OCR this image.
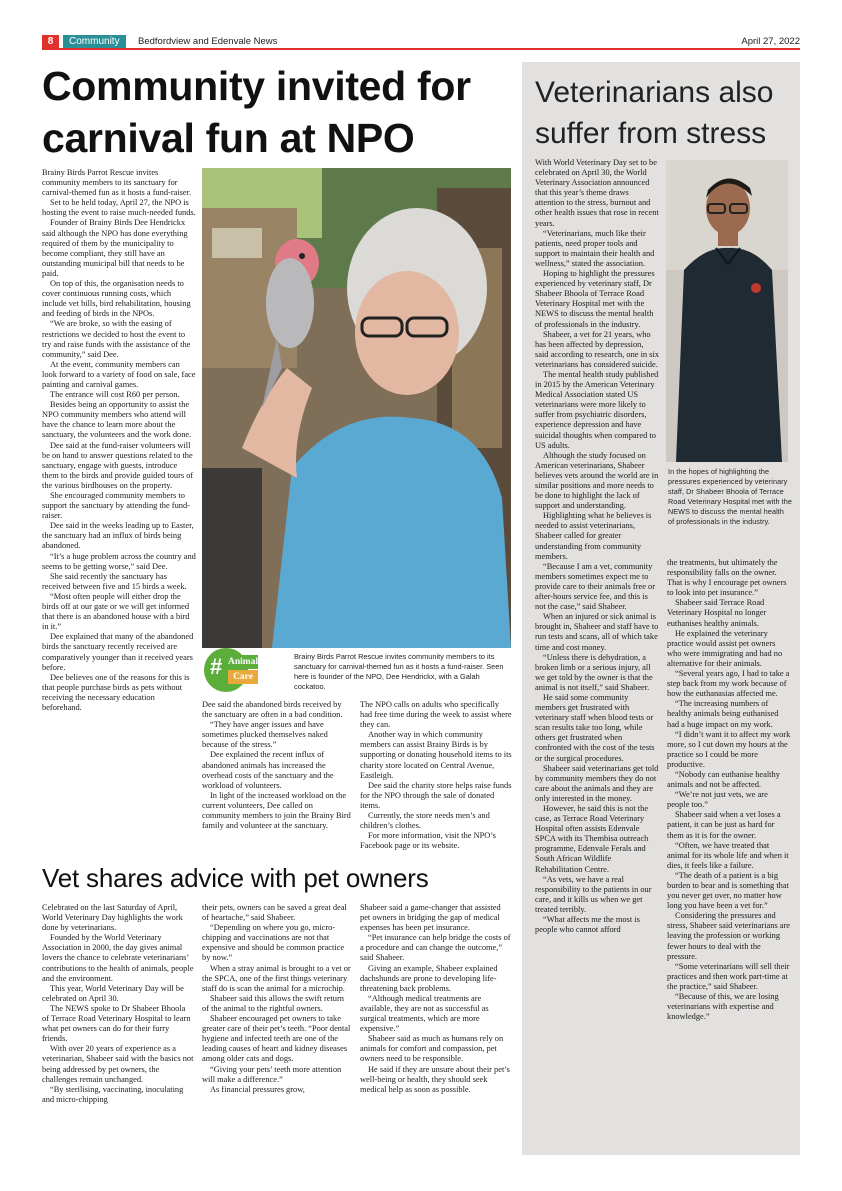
8	Community	Bedfordview and Edenvale News	April 27, 2022
Community invited for carnival fun at NPO

Brainy Birds Parrot Rescue invites community members to its sanctuary for carnival-themed fun as it hosts a fund-raiser.

Set to be held today, April 27, the NPO is hosting the event to raise much-needed funds.

Founder of Brainy Birds Dee Hendrickx said although the NPO has done everything required of them by the municipality to become compliant, they still have an outstanding municipal bill that needs to be paid.

On top of this, the organisation needs to cover continuous running costs, which include vet bills, bird rehabilitation, housing and feeding of birds in the NPOs.

“We are broke, so with the easing of restrictions we decided to host the event to try and raise funds with the assistance of the community,” said Dee.

At the event, community members can look forward to a variety of food on sale, face painting and carnival games.

The entrance will cost R60 per person.

Besides being an opportunity to assist the NPO community members who attend will have the chance to learn more about the sanctuary, the volunteers and the work done.

Dee said at the fund-raiser volunteers will be on hand to answer questions related to the sanctuary, engage with guests, introduce them to the birds and provide guided tours of the various birdhouses on the property.

She encouraged community members to support the sanctuary by attending the fund-raiser.

Dee said in the weeks leading up to Easter, the sanctuary had an influx of birds being abandoned.

“It’s a huge problem across the country and seems to be getting worse,” said Dee.

She said recently the sanctuary has received between five and 15 birds a week.

“Most often people will either drop the birds off at our gate or we will get informed that there is an abandoned house with a bird in it.”

Dee explained that many of the abandoned birds the sanctuary recently received are comparatively younger than it received years before.

Dee believes one of the reasons for this is that people purchase birds as pets without receiving the necessary education beforehand.

# Animal
Care
Brainy Birds Parrot Rescue invites community members to its sanctuary for carnival-themed fun as it hosts a fund-raiser. Seen here is founder of the NPO, Dee Hendrickx, with a Galah cockatoo.

Dee said the abandoned birds received by the sanctuary are often in a bad condition.

“They have anger issues and have sometimes plucked themselves naked because of the stress.”

Dee explained the recent influx of abandoned animals has increased the overhead costs of the sanctuary and the workload of volunteers.

In light of the increased workload on the current volunteers, Dee called on community members to join the Brainy Bird family and volunteer at the sanctuary.

The NPO calls on adults who specifically had free time during the week to assist where they can.

Another way in which community members can assist Brainy Birds is by supporting or donating household items to its charity store located on Central Avenue, Eastleigh.

Dee said the charity store helps raise funds for the NPO through the sale of donated items.

Currently, the store needs men’s and children’s clothes.

For more information, visit the NPO’s Facebook page or its website.

Veterinarians also suffer from stress

With World Veterinary Day set to be celebrated on April 30, the World Veterinary Association announced that this year’s theme draws attention to the stress, burnout and other health issues that rose in recent years.

“Veterinarians, much like their patients, need proper tools and support to maintain their health and wellness,” stated the association.

Hoping to highlight the pressures experienced by veterinary staff, Dr Shabeer Bhoola of Terrace Road Veterinary Hospital met with the NEWS to discuss the mental health of professionals in the industry.

Shabeer, a vet for 21 years, who has been affected by depression, said according to research, one in six veterinarians has considered suicide.

The mental health study published in 2015 by the American Veterinary Medical Association stated US veterinarians were more likely to suffer from psychiatric disorders, experience depression and have suicidal thoughts when compared to US adults.

Although the study focused on American veterinarians, Shabeer believes vets around the world are in similar positions and more needs to be done to highlight the lack of support and understanding.

Highlighting what he believes is needed to assist veterinarians, Shabeer called for greater understanding from community members.

“Because I am a vet, community members sometimes expect me to provide care to their animals free or after-hours service fee, and this is not the case,” said Shabeer.

When an injured or sick animal is brought in, Shabeer and staff have to run tests and scans, all of which take time and cost money.

“Unless there is dehydration, a broken limb or a serious injury, all we get told by the owner is that the animal is not itself,” said Shabeer.

He said some community members get frustrated with veterinary staff when blood tests or scan results take too long, while others get frustrated when confronted with the cost of the tests or the surgical procedures.

Shabeer said veterinarians get told by community members they do not care about the animals and they are only interested in the money.

However, he said this is not the case, as Terrace Road Veterinary Hospital often assists Edenvale SPCA with its Thembisa outreach programme, Edenvale Ferals and South African Wildlife Rehabilitation Centre.

“As vets, we have a real responsibility to the patients in our care, and it kills us when we get treated terribly.

“What affects me the most is people who cannot afford

In the hopes of highlighting the pressures experienced by veterinary staff, Dr Shabeer Bhoola of Terrace Road Veterinary Hospital met with the NEWS to discuss the mental health of professionals in the industry.

the treatments, but ultimately the responsibility falls on the owner. That is why I encourage pet owners to look into pet insurance.”

Shabeer said Terrace Road Veterinary Hospital no longer euthanises healthy animals.

He explained the veterinary practice would assist pet owners who were immigrating and had no alternative for their animals.

“Several years ago, I had to take a step back from my work because of how the euthanasias affected me.

“The increasing numbers of healthy animals being euthanised had a huge impact on my work.

“I didn’t want it to affect my work more, so I cut down my hours at the practice so I could be more productive.

“Nobody can euthanise healthy animals and not be affected.

“We’re not just vets, we are people too.”

Shabeer said when a vet loses a patient, it can be just as hard for them as it is for the owner.

“Often, we have treated that animal for its whole life and when it dies, it feels like a failure.

“The death of a patient is a big burden to bear and is something that you never get over, no matter how long you have been a vet for.”

Considering the pressures and stress, Shabeer said veterinarians are leaving the profession or working fewer hours to deal with the pressure.

“Some veterinarians will sell their practices and then work part-time at the practice,” said Shabeer.

“Because of this, we are losing veterinarians with expertise and knowledge.”

Vet shares advice with pet owners

Celebrated on the last Saturday of April, World Veterinary Day highlights the work done by veterinarians.

Founded by the World Veterinary Association in 2000, the day gives animal lovers the chance to celebrate veterinarians’ contributions to the health of animals, people and the environment.

This year, World Veterinary Day will be celebrated on April 30.

The NEWS spoke to Dr Shabeer Bhoola of Terrace Road Veterinary Hospital to learn what pet owners can do for their furry friends.

With over 20 years of experience as a veterinarian, Shabeer said with the basics not being addressed by pet owners, the challenges remain unchanged.

“By sterilising, vaccinating, inoculating and micro-chipping

their pets, owners can be saved a great deal of heartache,” said Shabeer.

“Depending on where you go, micro-chipping and vaccinations are not that expensive and should be common practice by now.”

When a stray animal is brought to a vet or the SPCA, one of the first things veterinary staff do is scan the animal for a microchip.

Shabeer said this allows the swift return of the animal to the rightful owners.

Shabeer encouraged pet owners to take greater care of their pet’s teeth. “Poor dental hygiene and infected teeth are one of the leading causes of heart and kidney diseases among older cats and dogs.

“Giving your pets’ teeth more attention will make a difference.”

As financial pressures grow,

Shabeer said a game-changer that assisted pet owners in bridging the gap of medical expenses has been pet insurance.

“Pet insurance can help bridge the costs of a procedure and can change the outcome,” said Shabeer.

Giving an example, Shabeer explained dachshunds are prone to developing life-threatening back problems.

“Although medical treatments are available, they are not as successful as surgical treatments, which are more expensive.”

Shabeer said as much as humans rely on animals for comfort and compassion, pet owners need to be responsible.

He said if they are unsure about their pet’s well-being or health, they should seek medical help as soon as possible.
